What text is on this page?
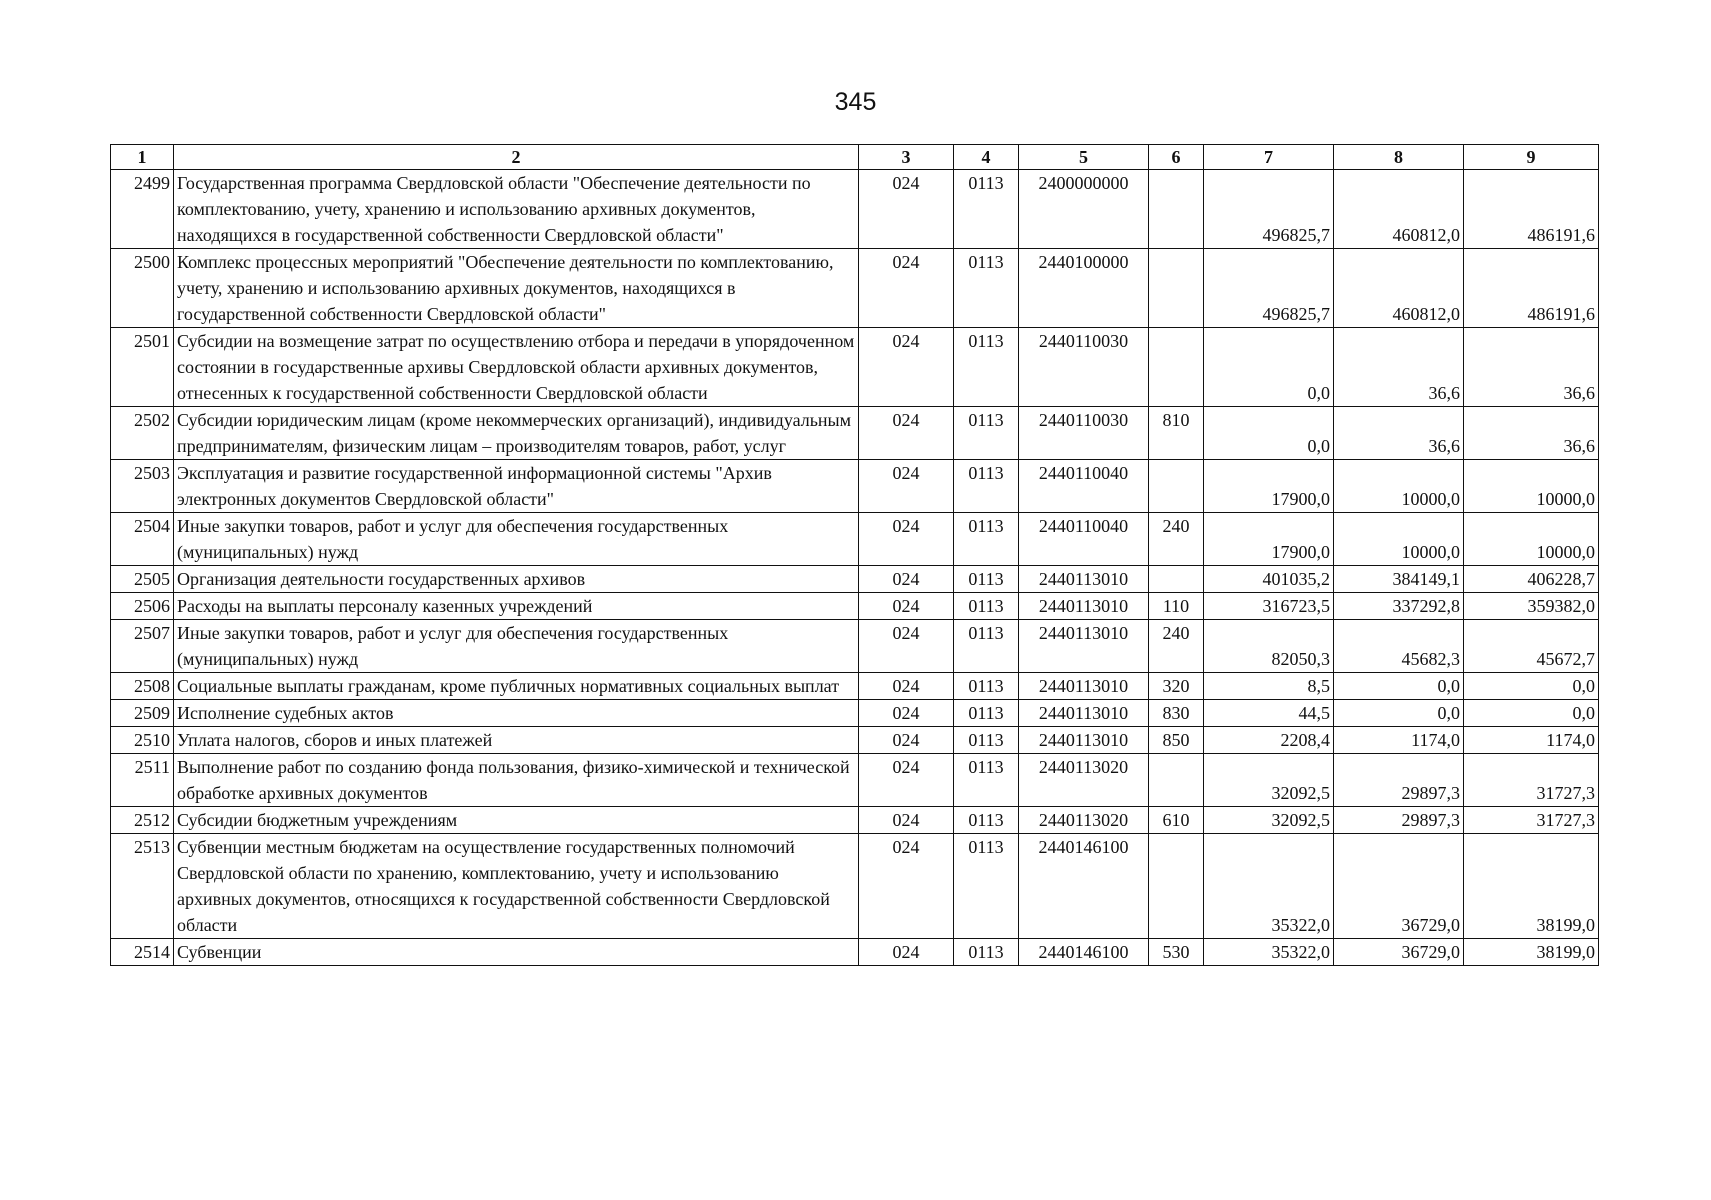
345
1	2	3	4	5	6	7	8	9
2499	Государственная программа Свердловской области "Обеспечение деятельности по комплектованию, учету, хранению и использованию архивных документов, находящихся в государственной собственности Свердловской области"	024	0113	2400000000		496825,7	460812,0	486191,6
2500	Комплекс процессных мероприятий "Обеспечение деятельности по комплектованию, учету, хранению и использованию архивных документов, находящихся в государственной собственности Свердловской области"	024	0113	2440100000		496825,7	460812,0	486191,6
2501	Субсидии на возмещение затрат по осуществлению отбора и передачи в упорядоченном состоянии в государственные архивы Свердловской области архивных документов, отнесенных к государственной собственности Свердловской области	024	0113	2440110030		0,0	36,6	36,6
2502	Субсидии юридическим лицам (кроме некоммерческих организаций), индивидуальным предпринимателям, физическим лицам – производителям товаров, работ, услуг	024	0113	2440110030	810	0,0	36,6	36,6
2503	Эксплуатация и развитие государственной информационной системы "Архив электронных документов Свердловской области"	024	0113	2440110040		17900,0	10000,0	10000,0
2504	Иные закупки товаров, работ и услуг для обеспечения государственных (муниципальных) нужд	024	0113	2440110040	240	17900,0	10000,0	10000,0
2505	Организация деятельности государственных архивов	024	0113	2440113010		401035,2	384149,1	406228,7
2506	Расходы на выплаты персоналу казенных учреждений	024	0113	2440113010	110	316723,5	337292,8	359382,0
2507	Иные закупки товаров, работ и услуг для обеспечения государственных (муниципальных) нужд	024	0113	2440113010	240	82050,3	45682,3	45672,7
2508	Социальные выплаты гражданам, кроме публичных нормативных социальных выплат	024	0113	2440113010	320	8,5	0,0	0,0
2509	Исполнение судебных актов	024	0113	2440113010	830	44,5	0,0	0,0
2510	Уплата налогов, сборов и иных платежей	024	0113	2440113010	850	2208,4	1174,0	1174,0
2511	Выполнение работ по созданию фонда пользования, физико-химической и технической обработке архивных документов	024	0113	2440113020		32092,5	29897,3	31727,3
2512	Субсидии бюджетным учреждениям	024	0113	2440113020	610	32092,5	29897,3	31727,3
2513	Субвенции местным бюджетам на осуществление государственных полномочий Свердловской области по хранению, комплектованию, учету и использованию архивных документов, относящихся к государственной собственности Свердловской области	024	0113	2440146100		35322,0	36729,0	38199,0
2514	Субвенции	024	0113	2440146100	530	35322,0	36729,0	38199,0
